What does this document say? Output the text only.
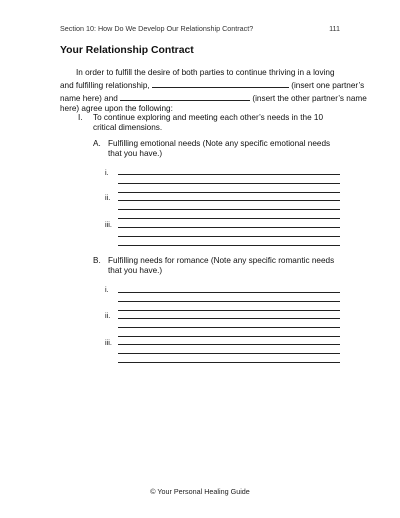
Section 10: How Do We Develop Our Relationship Contract?	111
Your Relationship Contract
In order to fulfill the desire of both parties to continue thriving in a loving
and fulfilling relationship,	(insert one partner’s
name here) and	(insert the other partner’s name
here) agree upon the following:
I. To continue exploring and meeting each other’s needs in the 10 critical dimensions.
A. Fulfilling emotional needs (Note any specific emotional needs that you have.)
i.
ii.
iii.
B. Fulfilling needs for romance (Note any specific romantic needs that you have.)
i.
ii.
iii.
© Your Personal Healing Guide
